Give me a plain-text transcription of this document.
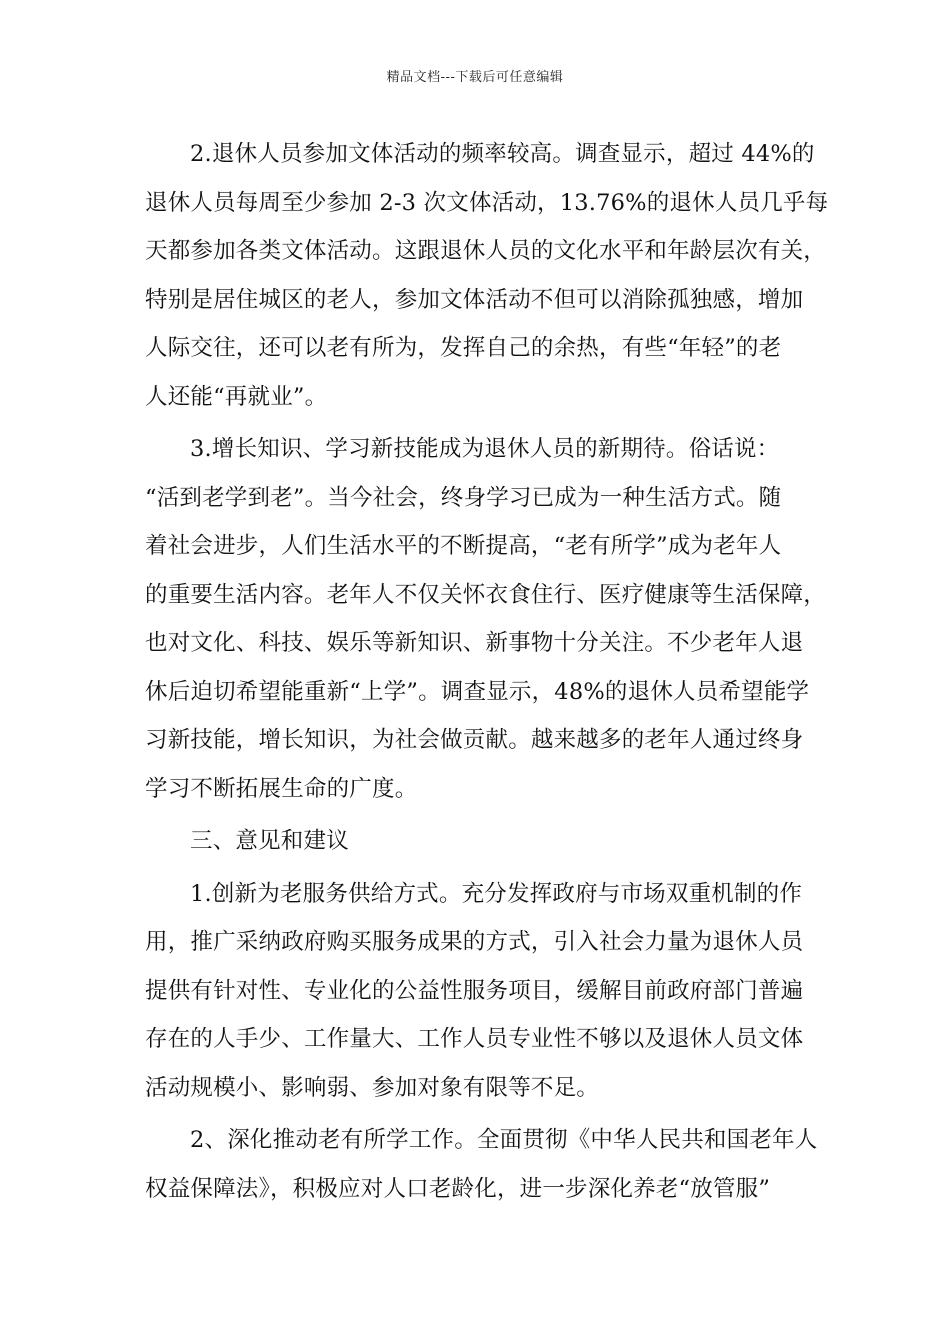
精品文档---下载后可任意编辑
2.退休人员参加文体活动的频率较高。调查显示，超过 44%的
退休人员每周至少参加 2-3 次文体活动，13.76%的退休人员几乎每
天都参加各类文体活动。这跟退休人员的文化水平和年龄层次有关，
特别是居住城区的老人，参加文体活动不但可以消除孤独感，增加
人际交往，还可以老有所为，发挥自己的余热，有些“年轻”的老
人还能“再就业”。
3.增长知识、学习新技能成为退休人员的新期待。俗话说：
“活到老学到老”。当今社会，终身学习已成为一种生活方式。随
着社会进步，人们生活水平的不断提高，“老有所学”成为老年人
的重要生活内容。老年人不仅关怀衣食住行、医疗健康等生活保障，
也对文化、科技、娱乐等新知识、新事物十分关注。不少老年人退
休后迫切希望能重新“上学”。调查显示，48%的退休人员希望能学
习新技能，增长知识，为社会做贡献。越来越多的老年人通过终身
学习不断拓展生命的广度。
三、意见和建议
1.创新为老服务供给方式。充分发挥政府与市场双重机制的作
用，推广采纳政府购买服务成果的方式，引入社会力量为退休人员
提供有针对性、专业化的公益性服务项目，缓解目前政府部门普遍
存在的人手少、工作量大、工作人员专业性不够以及退休人员文体
活动规模小、影响弱、参加对象有限等不足。
2、深化推动老有所学工作。全面贯彻《中华人民共和国老年人
权益保障法》，积极应对人口老龄化，进一步深化养老“放管服”
